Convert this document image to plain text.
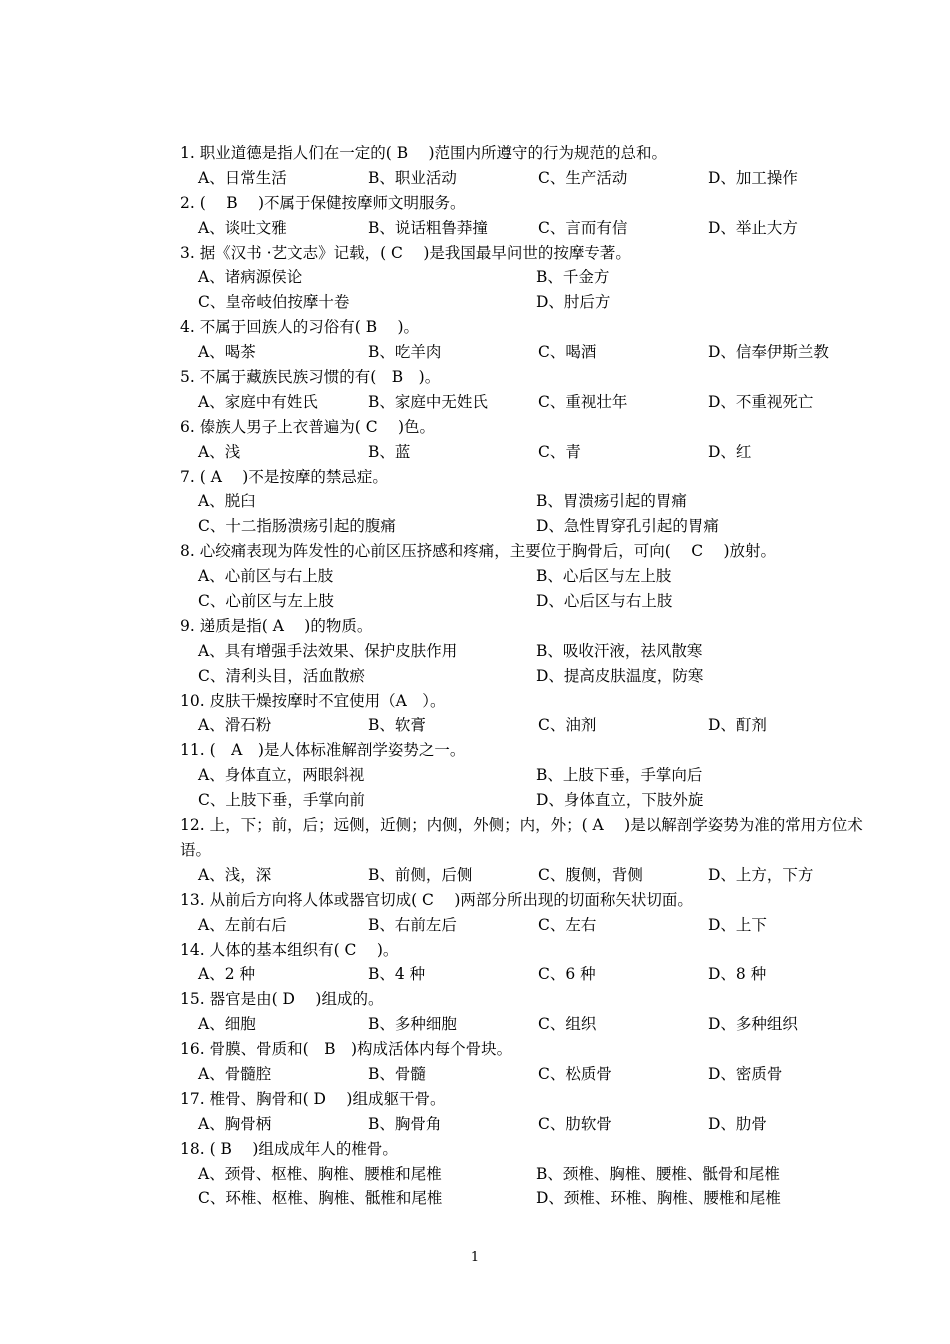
1. 职业道德是指人们在一定的( B　 )范围内所遵守的行为规范的总和。
A、日常生活	B、职业活动	C、生产活动	D、加工操作
2. (　 B　 )不属于保健按摩师文明服务。
A、谈吐文雅	B、说话粗鲁莽撞	C、言而有信	D、举止大方
3. 据《汉书 ·艺文志》记载，( C　 )是我国最早问世的按摩专著。
A、诸病源侯论	B、千金方
C、皇帝岐伯按摩十卷	D、肘后方
4. 不属于回族人的习俗有( B　 )。
A、喝茶	B、吃羊肉	C、喝酒	D、信奉伊斯兰教
5. 不属于藏族民族习惯的有(　B　)。
A、家庭中有姓氏	B、家庭中无姓氏	C、重视壮年	D、不重视死亡
6. 傣族人男子上衣普遍为( C　 )色。
A、浅	B、蓝	C、青	D、红
7. ( A　 )不是按摩的禁忌症。
A、脱臼	B、胃溃疡引起的胃痛
C、十二指肠溃疡引起的腹痛	D、急性胃穿孔引起的胃痛
8. 心绞痛表现为阵发性的心前区压挤感和疼痛，主要位于胸骨后，可向(　 C　 )放射。
A、心前区与右上肢	B、心后区与左上肢
C、心前区与左上肢	D、心后区与右上肢
9. 递质是指( A　 )的物质。
A、具有增强手法效果、保护皮肤作用	B、吸收汗液，祛风散寒
C、清利头目，活血散瘀	D、提高皮肤温度，防寒
10. 皮肤干燥按摩时不宜使用（A　）。
A、滑石粉	B、软膏	C、油剂	D、酊剂
11. (　A　)是人体标准解剖学姿势之一。
A、身体直立，两眼斜视	B、上肢下垂，手掌向后
C、上肢下垂，手掌向前	D、身体直立，下肢外旋
12. 上，下；前，后；远侧，近侧；内侧，外侧；内，外；( A　 )是以解剖学姿势为准的常用方位术语。
A、浅，深	B、前侧，后侧	C、腹侧，背侧	D、上方，下方
13. 从前后方向将人体或器官切成( C　 )两部分所出现的切面称矢状切面。
A、左前右后	B、右前左后	C、左右	D、上下
14. 人体的基本组织有( C　 )。
A、2 种	B、4 种	C、6 种	D、8 种
15. 器官是由( D　 )组成的。
A、细胞	B、多种细胞	C、组织	D、多种组织
16. 骨膜、骨质和(　B　)构成活体内每个骨块。
A、骨髓腔	B、骨髓	C、松质骨	D、密质骨
17. 椎骨、胸骨和( D　 )组成躯干骨。
A、胸骨柄	B、胸骨角	C、肋软骨	D、肋骨
18. ( B　 )组成成年人的椎骨。
A、颈骨、枢椎、胸椎、腰椎和尾椎	B、颈椎、胸椎、腰椎、骶骨和尾椎
C、环椎、枢椎、胸椎、骶椎和尾椎	D、颈椎、环椎、胸椎、腰椎和尾椎
1
